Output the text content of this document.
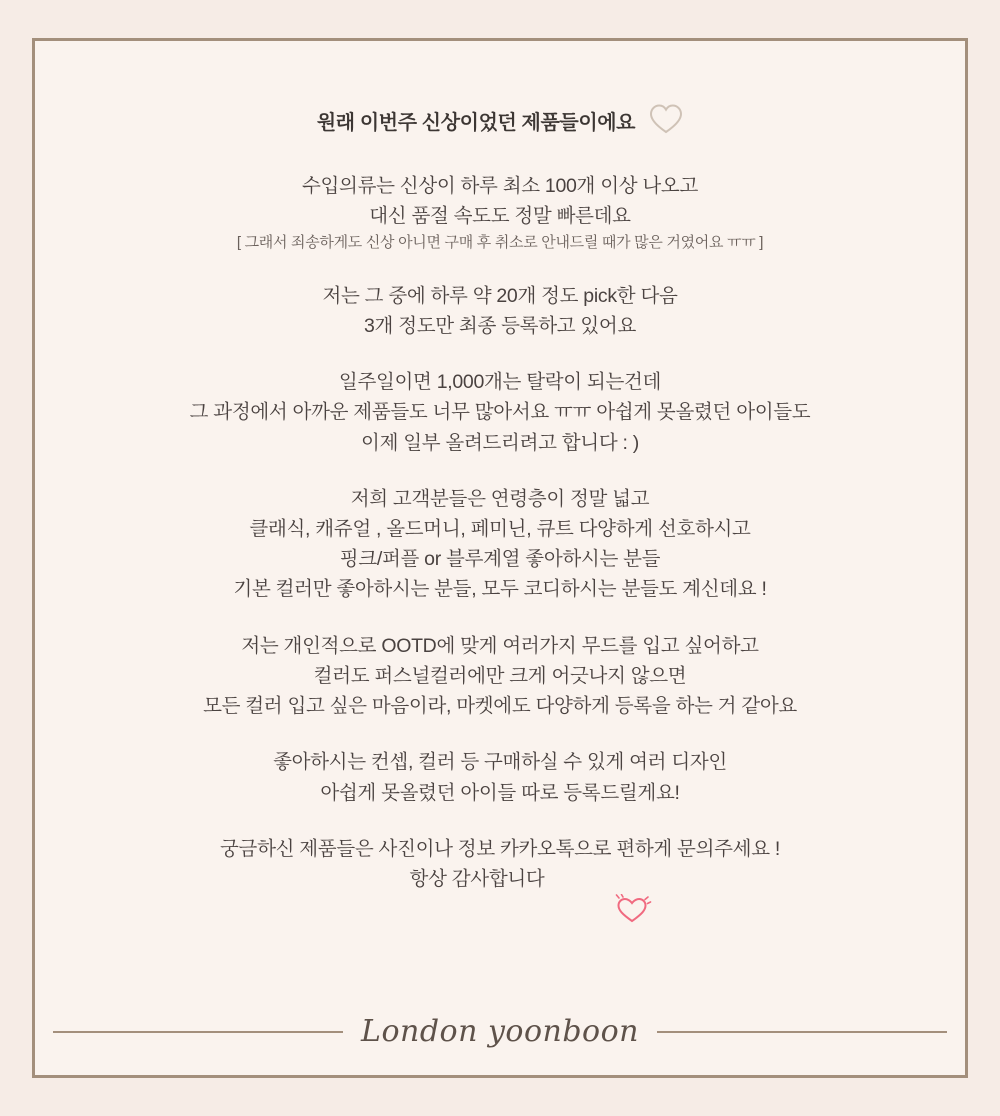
원래 이번주 신상이었던 제품들이에요
수입의류는 신상이 하루 최소 100개 이상 나오고
대신 품절 속도도 정말 빠른데요
[ 그래서 죄송하게도 신상 아니면 구매 후 취소로 안내드릴 때가 많은 거였어요 ㅠㅠ ]
저는 그 중에 하루 약 20개 정도 pick한 다음
3개 정도만 최종 등록하고 있어요
일주일이면 1,000개는 탈락이 되는건데
그 과정에서 아까운 제품들도 너무 많아서요 ㅠㅠ 아쉽게 못올렸던 아이들도
이제 일부 올려드리려고 합니다 : )
저희 고객분들은 연령층이 정말 넓고
클래식, 캐쥬얼 , 올드머니, 페미닌, 큐트 다양하게 선호하시고
핑크/퍼플 or 블루계열 좋아하시는 분들
기본 컬러만 좋아하시는 분들, 모두 코디하시는 분들도 계신데요 !
저는 개인적으로 OOTD에 맞게 여러가지 무드를 입고 싶어하고
컬러도 퍼스널컬러에만 크게 어긋나지 않으면
모든 컬러 입고 싶은 마음이라, 마켓에도 다양하게 등록을 하는 거 같아요
좋아하시는 컨셉, 컬러 등 구매하실 수 있게 여러 디자인
아쉽게 못올렸던 아이들 따로 등록드릴게요!
궁금하신 제품들은 사진이나 정보 카카오톡으로 편하게 문의주세요 !
항상 감사합니다

London yoonboon
